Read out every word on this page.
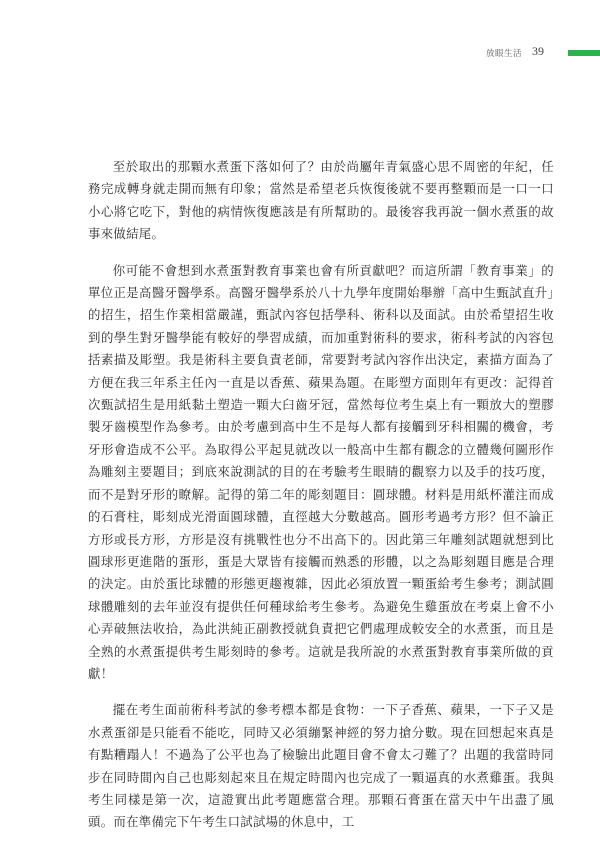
放眼生活 39

至於取出的那顆水煮蛋下落如何了？由於尚屬年青氣盛心思不周密的年紀，任務完成轉身就走開而無有印象；當然是希望老兵恢復後就不要再整顆而是一口一口小心將它吃下，對他的病情恢復應該是有所幫助的。最後容我再說一個水煮蛋的故事來做結尾。

你可能不會想到水煮蛋對教育事業也會有所貢獻吧？而這所謂「教育事業」的單位正是高醫牙醫學系。高醫牙醫學系於八十九學年度開始舉辦「高中生甄試直升」的招生，招生作業相當嚴謹，甄試內容包括學科、術科以及面試。由於希望招生收到的學生對牙醫學能有較好的學習成績，而加重對術科的要求，術科考試的內容包括素描及彫塑。我是術科主要負責老師，常要對考試內容作出決定，素描方面為了方便在我三年系主任內一直是以香蕉、蘋果為題。在彫塑方面則年有更改：記得首次甄試招生是用紙黏土塑造一顆大臼齒牙冠，當然每位考生桌上有一顆放大的塑膠製牙齒模型作為參考。由於考慮到高中生不是每人都有接觸到牙科相關的機會，考牙形會造成不公平。為取得公平起見就改以一般高中生都有觀念的立體幾何圖形作為雕刻主要題目；到底來說測試的目的在考驗考生眼睛的觀察力以及手的技巧度，而不是對牙形的瞭解。記得的第二年的彫刻題目：圓球體。材料是用紙杯灌注而成的石膏柱，彫刻成光滑面圓球體，直徑越大分數越高。圓形考過考方形？但不論正方形或長方形，方形是沒有挑戰性也分不出高下的。因此第三年雕刻試題就想到比圓球形更進階的蛋形，蛋是大眾皆有接觸而熟悉的形體，以之為彫刻題目應是合理的決定。由於蛋比球體的形態更趨複雜，因此必須放置一顆蛋給考生參考；測試圓球體雕刻的去年並沒有提供任何種球給考生參考。為避免生雞蛋放在考桌上會不小心弄破無法收拾，為此洪純正副教授就負責把它們處理成較安全的水煮蛋，而且是全熟的水煮蛋提供考生彫刻時的參考。這就是我所說的水煮蛋對教育事業所做的貢獻！

擺在考生面前術科考試的參考標本都是食物：一下子香蕉、蘋果，一下子又是水煮蛋卻是只能看不能吃，同時又必須繃緊神經的努力搶分數。現在回想起來真是有點糟蹋人！不過為了公平也為了檢驗出此題目會不會太刁難了？出題的我當時同步在同時間內自己也彫刻起來且在規定時間內也完成了一顆逼真的水煮雞蛋。我與考生同樣是第一次，這證實出此考題應當合理。那顆石膏蛋在當天中午出盡了風頭。而在準備完下午考生口試試場的休息中，工
